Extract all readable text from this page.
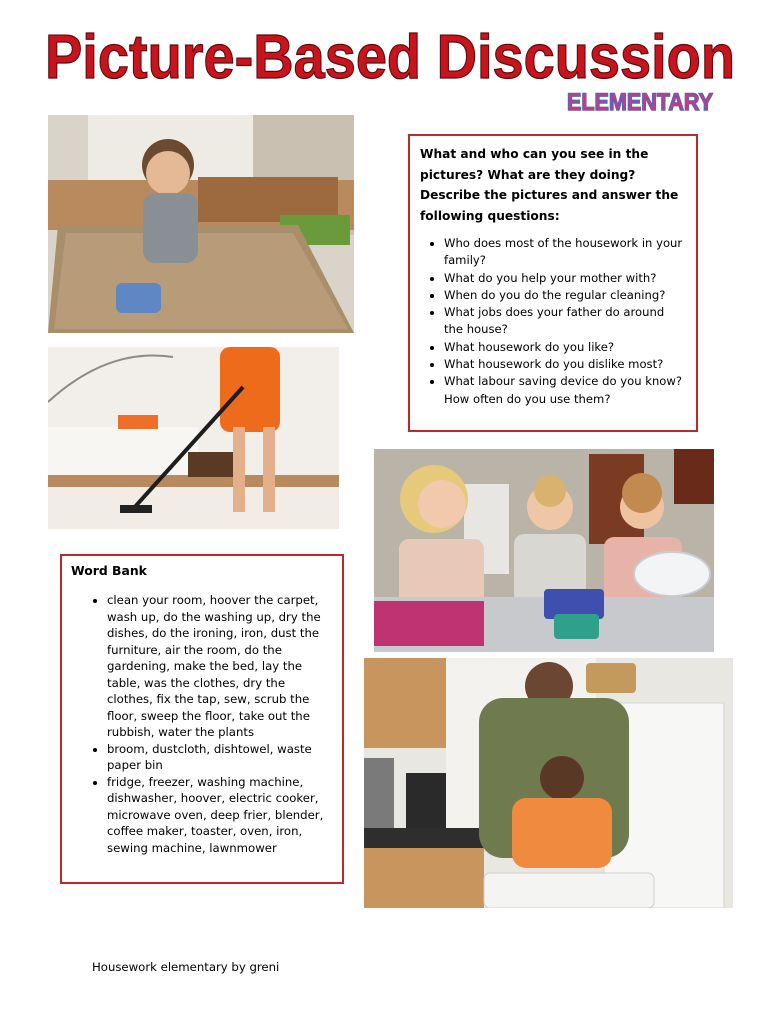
Picture-Based Discussion
ELEMENTARY

What and who can you see in the pictures? What are they doing? Describe the pictures and answer the following questions:

• Who does most of the housework in your family?
• What do you help your mother with?
• When do you do the regular cleaning?
• What jobs does your father do around the house?
• What housework do you like?
• What housework do you dislike most?
• What labour saving device do you know? How often do you use them?

Word Bank

• clean your room, hoover the carpet, wash up, do the washing up, dry the dishes, do the ironing, iron, dust the furniture, air the room, do the gardening, make the bed, lay the table, was the clothes, dry the clothes, fix the tap, sew, scrub the floor, sweep the floor, take out the rubbish, water the plants
• broom, dustcloth, dishtowel, waste paper bin
• fridge, freezer, washing machine, dishwasher, hoover, electric cooker, microwave oven, deep frier, blender, coffee maker, toaster, oven, iron, sewing machine, lawnmower
Housework elementary by greni
